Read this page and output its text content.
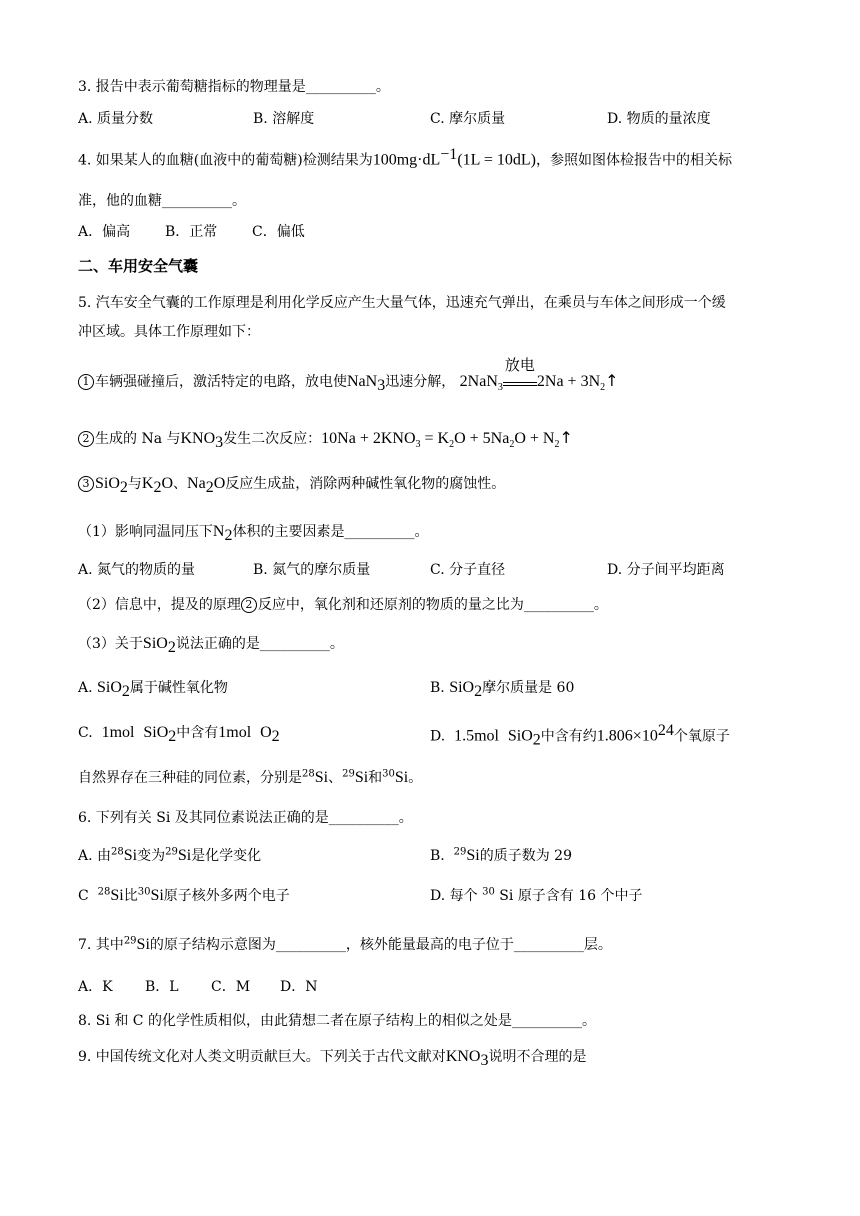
3. 报告中表示葡萄糖指标的物理量是__________。
A. 质量分数	B. 溶解度	C. 摩尔质量	D. 物质的量浓度
4. 如果某人的血糖(血液中的葡萄糖)检测结果为$100mg\cdot dL^{-1}(1L = 10dL)$，参照如图体检报告中的相关标
准，他的血糖__________。
A．偏高 B．正常 C．偏低
二、车用安全气囊
5. 汽车安全气囊的工作原理是利用化学反应产生大量气体，迅速充气弹出，在乘员与车体之间形成一个缓
冲区域。具体工作原理如下：
1 车辆强碰撞后，激活特定的电路，放电使NaN$_3$迅速分解， 2NaN$_3$
放电
$2Na + 3N_2↑$
2 生成的 Na 与$KNO_3$发生二次反应：$10Na + 2KNO_3 = K_2O + 5Na_2O$ + $N_2↑$
3 SiO$_2$与$K_2O$、$Na_2O$反应生成盐，消除两种碱性氧化物的腐蚀性。
（1）影响同温同压下$N_2$体积的主要因素是__________。
A. 氮气的物质的量	B. 氮气的摩尔质量	C. 分子直径	D. 分子间平均距离
（2）信息中，提及的原理 2 反应中，氧化剂和还原剂的物质的量之比为__________。
（3）关于SiO$_2$说法正确的是__________。
A. SiO$_2$属于碱性氧化物	B. SiO$_2$摩尔质量是 60
C.  1mol SiO$_2$中含有1mol $O_2$	D. 1.5mol SiO$_2$中含有约$1.806\times 10^{24}$个氧原子
自然界存在三种硅的同位素，分别是$^{28}$Si、$^{29}$Si和$^{30}$Si。
6. 下列有关 Si 及其同位素说法正确的是__________。
A. 由$^{28}$Si变为$^{29}$Si是化学变化	B. $^{29}$Si的质子数为 29
C $^{28}$Si比$^{30}$Si原子核外多两个电子	D. 每个 $^{30}$ Si 原子含有 16 个中子
7. 其中$^{29}$Si的原子结构示意图为__________，核外能量最高的电子位于__________层。
A．K B．L C．M D．N
8. Si 和 C 的化学性质相似，由此猜想二者在原子结构上的相似之处是__________。
9. 中国传统文化对人类文明贡献巨大。下列关于古代文献对$KNO_3$说明不合理的是
